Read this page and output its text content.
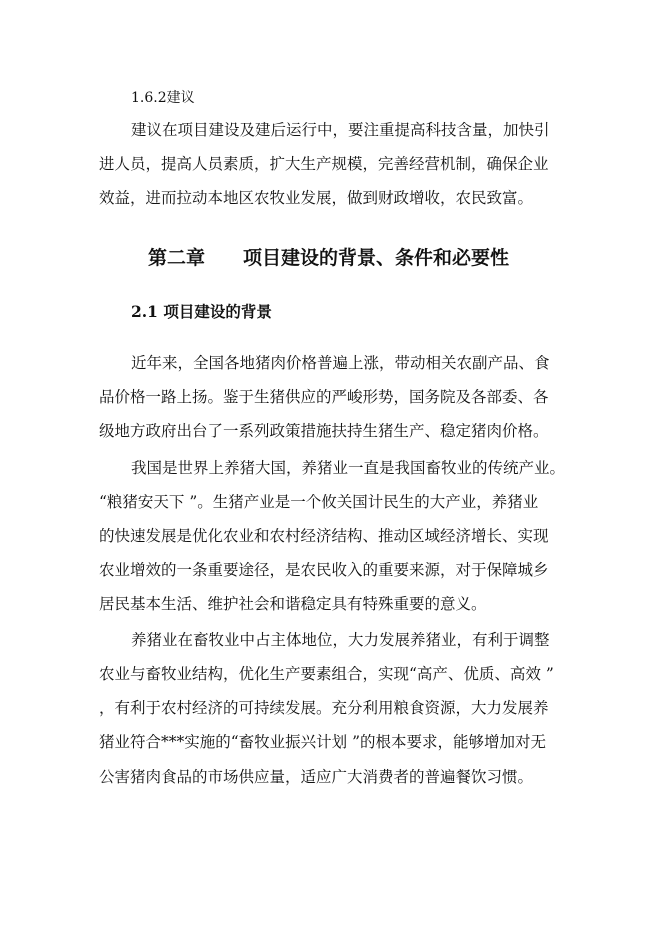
1.6.2建议
建议在项目建设及建后运行中，要注重提高科技含量，加快引
进人员，提高人员素质，扩大生产规模，完善经营机制，确保企业
效益，进而拉动本地区农牧业发展，做到财政增收，农民致富。
第二章 项目建设的背景、条件和必要性
2.1 项目建设的背景
近年来，全国各地猪肉价格普遍上涨，带动相关农副产品、食
品价格一路上扬。鉴于生猪供应的严峻形势，国务院及各部委、各
级地方政府出台了一系列政策措施扶持生猪生产、稳定猪肉价格。
我国是世界上养猪大国，养猪业一直是我国畜牧业的传统产业。
“粮猪安天下 ”。生猪产业是一个攸关国计民生的大产业，养猪业
的快速发展是优化农业和农村经济结构、推动区域经济增长、实现
农业增效的一条重要途径，是农民收入的重要来源，对于保障城乡
居民基本生活、维护社会和谐稳定具有特殊重要的意义。
养猪业在畜牧业中占主体地位，大力发展养猪业，有利于调整
农业与畜牧业结构，优化生产要素组合，实现“高产、优质、高效 ”
，有利于农村经济的可持续发展。充分利用粮食资源，大力发展养
猪业符合***实施的“畜牧业振兴计划 ”的根本要求，能够增加对无
公害猪肉食品的市场供应量，适应广大消费者的普遍餐饮习惯。
